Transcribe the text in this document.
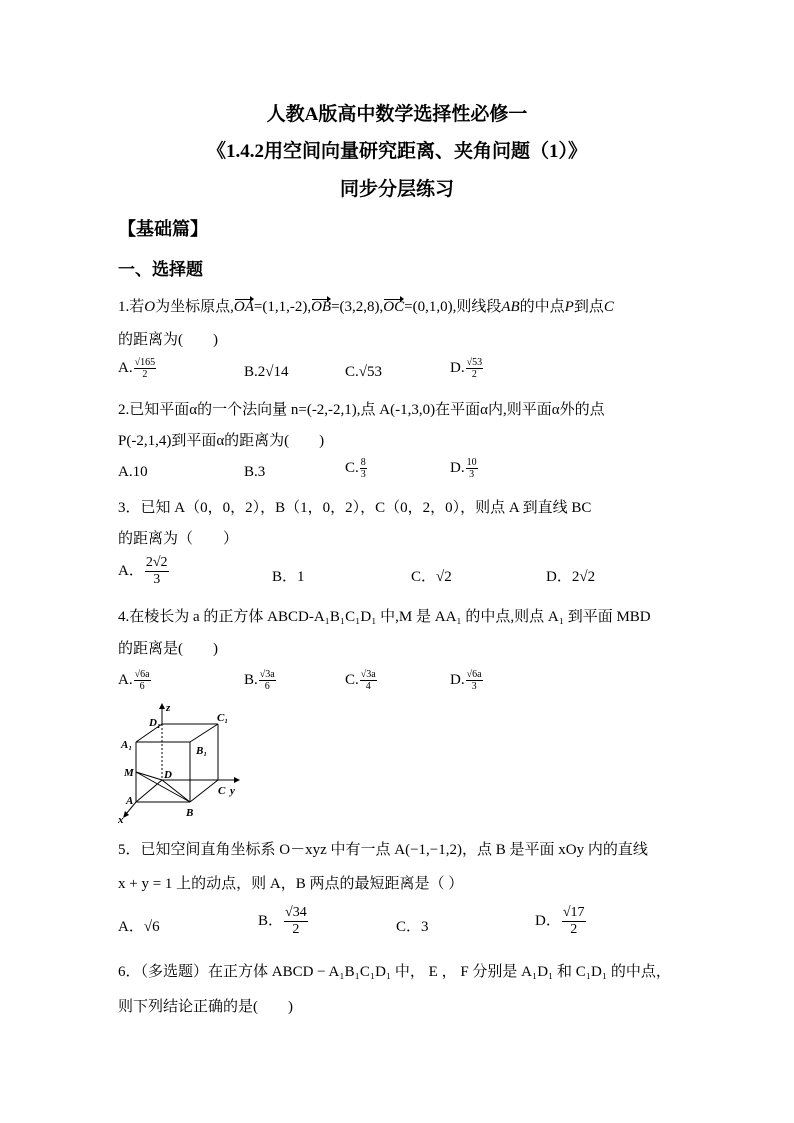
人教A版高中数学选择性必修一
《1.4.2用空间向量研究距离、夹角问题（1）》
同步分层练习
【基础篇】
一、选择题
1.若O为坐标原点,OA=(1,1,-2),OB=(3,2,8),OC=(0,1,0),则线段AB的中点P到点C
的距离为(　　)
A. $\frac{√165}{2}$	B.2√14	C.√53	D. $\frac{√53}{2}$
2.已知平面α的一个法向量 n=(-2,-2,1),点 A(-1,3,0)在平面α内,则平面α外的点
P(-2,1,4)到平面α的距离为(　　)
A.10	B.3	C. $\frac{8}{3}$	D. $\frac{10}{3}$
3．已知 A（0，0，2），B（1，0，2），C（0，2，0），则点 A 到直线 BC
的距离为（　　）
A． $\frac{2√2}{3}$	B．1	C．√2	D．2√2
4.在棱长为 a 的正方体 ABCD-A₁B₁C₁D₁ 中,M 是 AA₁ 的中点,则点 A₁ 到平面 MBD
的距离是(　　)
A. $\frac{√6a}{6}$	B. $\frac{√3a}{6}$	C. $\frac{√3a}{4}$	D. $\frac{√6a}{3}$
D₁	C₁
A₁	B₁
M	D
C
A
B
z
y
x
5．已知空间直角坐标系 O－xyz 中有一点 A(−1,−1,2)，点 B 是平面 xOy 内的直线
x + y = 1 上的动点，则 A，B 两点的最短距离是（ ）
A．√6	B． $\frac{√34}{2}$	C．3	D． $\frac{√17}{2}$
6．（多选题）在正方体 ABCD − A₁B₁C₁D₁ 中， E ， F 分别是 A₁D₁ 和 C₁D₁ 的中点，
则下列结论正确的是(　　)
